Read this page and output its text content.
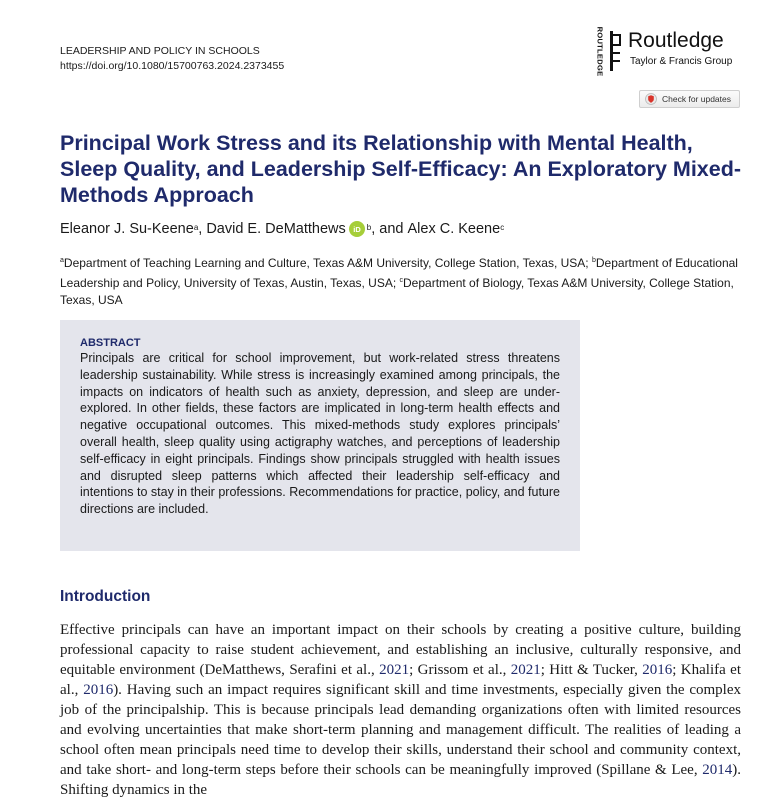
LEADERSHIP AND POLICY IN SCHOOLS
https://doi.org/10.1080/15700763.2024.2373455	ROUTLEDGE Routledge
Taylor & Francis Group
Check for updates
Principal Work Stress and its Relationship with Mental Health, Sleep Quality, and Leadership Self-Efficacy: An Exploratory Mixed-Methods Approach
Eleanor J. Su-Keene$^a$ , David E. DeMatthews iD $^b$ , and Alex C. Keene$^c$
$^a$Department of Teaching Learning and Culture, Texas A&M University, College Station, Texas, USA; $^b$Department of Educational Leadership and Policy, University of Texas, Austin, Texas, USA; $^c$Department of Biology, Texas A&M University, College Station, Texas, USA
ABSTRACT

Principals are critical for school improvement, but work-related stress threatens leadership sustainability. While stress is increasingly examined among principals, the impacts on indicators of health such as anxiety, depression, and sleep are under-explored. In other fields, these factors are implicated in long-term health effects and negative occupational outcomes. This mixed-methods study explores principals’ overall health, sleep quality using actigraphy watches, and perceptions of leadership self-efficacy in eight principals. Findings show principals struggled with health issues and disrupted sleep patterns which affected their leadership self-efficacy and intentions to stay in their professions. Recommendations for practice, policy, and future directions are included.

Introduction

Effective principals can have an important impact on their schools by creating a positive culture, building professional capacity to raise student achievement, and establishing an inclusive, culturally responsive, and equitable environment (DeMatthews, Serafini et al., 2021; Grissom et al., 2021; Hitt & Tucker, 2016; Khalifa et al., 2016). Having such an impact requires significant skill and time investments, especially given the complex job of the principalship. This is because principals lead demanding organizations often with limited resources and evolving uncertainties that make short-term planning and management difficult. The realities of leading a school often mean principals need time to develop their skills, understand their school and community context, and take short- and long-term steps before their schools can be meaningfully improved (Spillane & Lee, 2014). Shifting dynamics in the
